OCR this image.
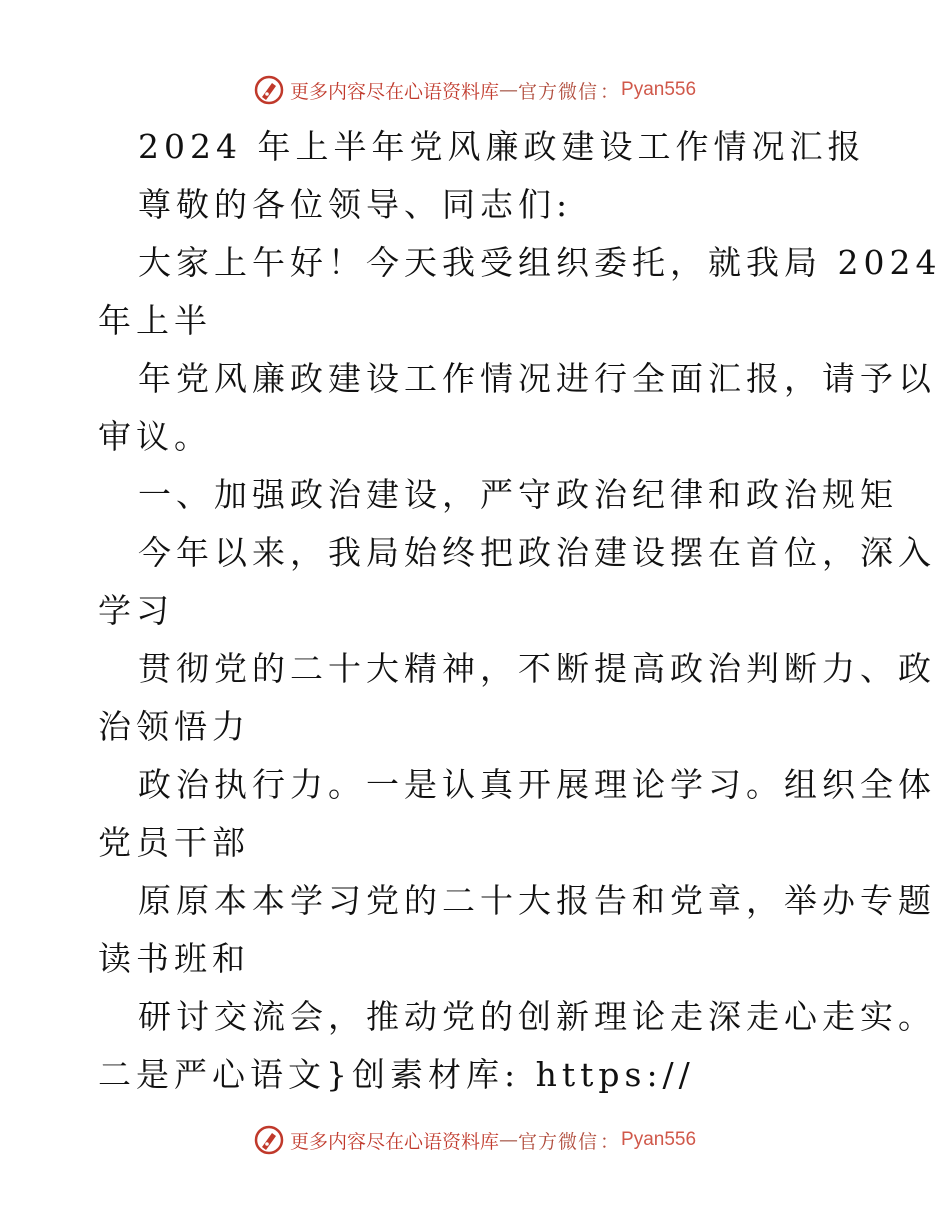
更多内容尽在心语资料库 — 官方微信 ： Pyan556

2024 年上半年党风廉政建设工作情况汇报

尊敬的各位领导、同志们:

大家上午好！今天我受组织委托，就我局 2024

年上半

年党风廉政建设工作情况进行全面汇报，请予以

审议。

一、加强政治建设，严守政治纪律和政治规矩

今年以来，我局始终把政治建设摆在首位，深入

学习

贯彻党的二十大精神，不断提高政治判断力、政

治领悟力

政治执行力。一是认真开展理论学习。组织全体

党员干部

原原本本学习党的二十大报告和党章，举办专题

读书班和

研讨交流会，推动党的创新理论走深走心走实。

二是严心语文}创素材库: https://

更多内容尽在心语资料库 — 官方微信 ： Pyan556
